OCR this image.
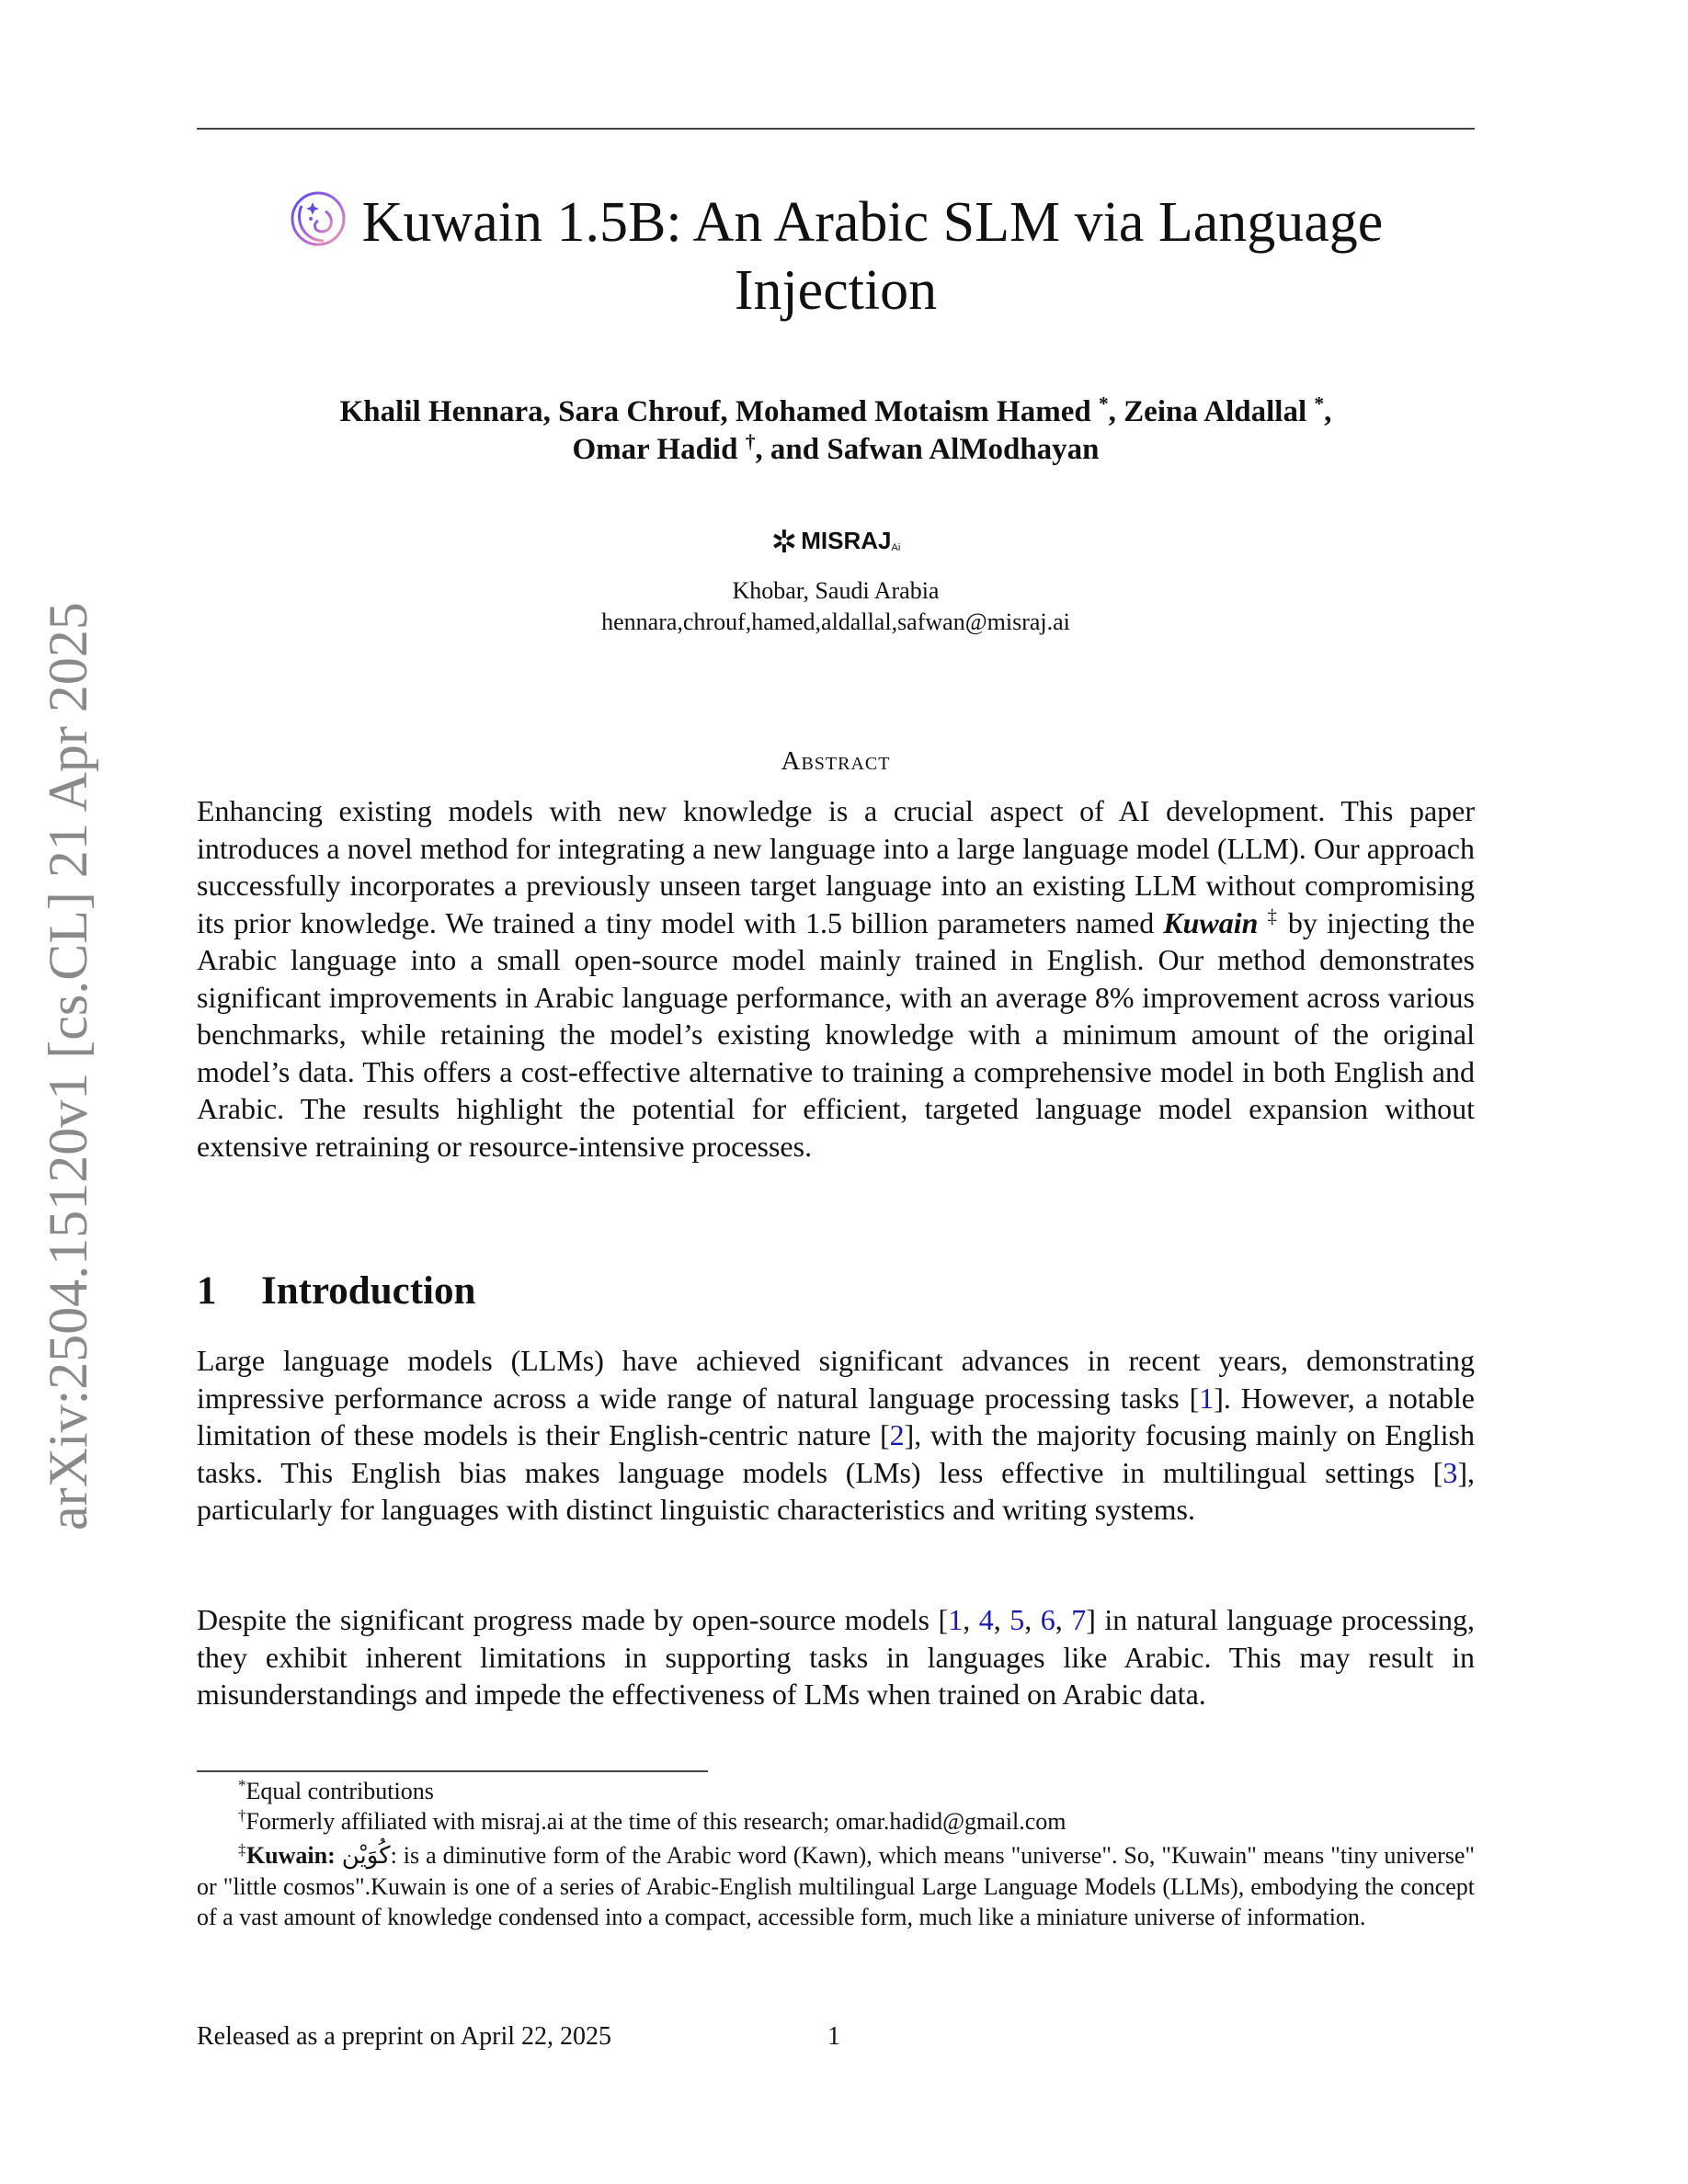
arXiv:2504.15120v1 [cs.CL] 21 Apr 2025
Kuwain 1.5B: An Arabic SLM via Language Injection
Khalil Hennara, Sara Chrouf, Mohamed Motaism Hamed *, Zeina Aldallal *,
Omar Hadid †, and Safwan AlModhayan
✲ MISRAJAi
Khobar, Saudi Arabia
hennara,chrouf,hamed,aldallal,safwan@misraj.ai
Abstract
Enhancing existing models with new knowledge is a crucial aspect of AI development. This paper introduces a novel method for integrating a new language into a large language model (LLM). Our approach successfully incorporates a previously unseen target language into an existing LLM without compromising its prior knowledge. We trained a tiny model with 1.5 billion parameters named Kuwain ‡ by injecting the Arabic language into a small open-source model mainly trained in English. Our method demonstrates significant improvements in Arabic language performance, with an average 8% improvement across various benchmarks, while retaining the model’s existing knowledge with a minimum amount of the original model’s data. This offers a cost-effective alternative to training a comprehensive model in both English and Arabic. The results highlight the potential for efficient, targeted language model expansion without extensive retraining or resource-intensive processes.
1 Introduction
Large language models (LLMs) have achieved significant advances in recent years, demonstrating impressive performance across a wide range of natural language processing tasks [1]. However, a notable limitation of these models is their English-centric nature [2], with the majority focusing mainly on English tasks. This English bias makes language models (LMs) less effective in multilingual settings [3], particularly for languages with distinct linguistic characteristics and writing systems.
Despite the significant progress made by open-source models [1, 4, 5, 6, 7] in natural language processing, they exhibit inherent limitations in supporting tasks in languages like Arabic. This may result in misunderstandings and impede the effectiveness of LMs when trained on Arabic data.

*Equal contributions

†Formerly affiliated with misraj.ai at the time of this research; omar.hadid@gmail.com

‡Kuwain: كُوَيْن: is a diminutive form of the Arabic word (Kawn), which means "universe". So, "Kuwain" means "tiny universe" or "little cosmos".Kuwain is one of a series of Arabic-English multilingual Large Language Models (LLMs), embodying the concept of a vast amount of knowledge condensed into a compact, accessible form, much like a miniature universe of information.

Released as a preprint on April 22, 2025	1
